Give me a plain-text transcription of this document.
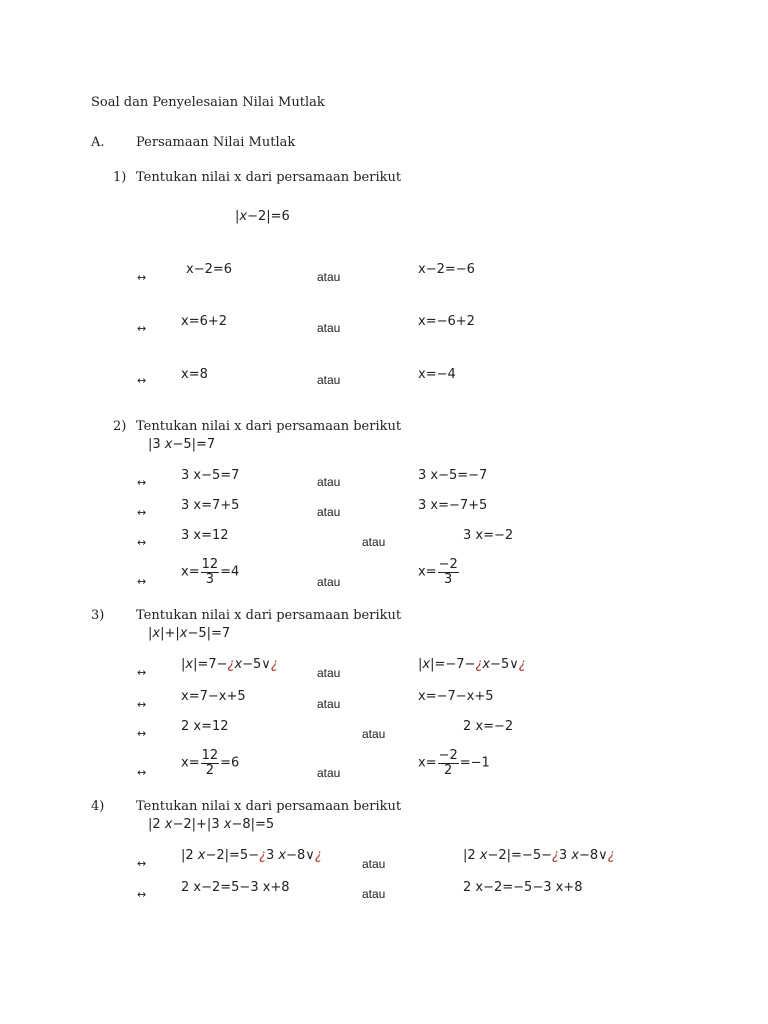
Soal dan Penyelesaian Nilai Mutlak
A. Persamaan Nilai Mutlak
1) Tentukan nilai x dari persamaan berikut
|x−2|=6
↔
x−2=6	atau	x−2=−6
↔	x=6+2	atau	x=−6+2
↔	x=8	atau	x=−4
2) Tentukan nilai x dari persamaan berikut
|3 x−5|=7
↔	3 x−5=7	atau	3 x−5=−7
↔	3 x=7+5	atau	3 x=−7+5
↔	3 x=12	atau	3 x=−2
↔
$x= \frac{12}{3} =4$
atau
$x= \frac{-2}{3}$
3) Tentukan nilai x dari persamaan berikut
|x|+|x−5|=7
↔
|x|=7−¿x−5∨¿
atau
|x|=−7−¿x−5∨¿
↔
x=7−x+5	atau	x=−7−x+5
↔	2 x=12	atau	2 x=−2
↔
$x= \frac{12}{2} =6$
atau
$x= \frac{-2}{2} =-1$
4) Tentukan nilai x dari persamaan berikut
|2 x−2|+|3 x−8|=5
↔
|2 x−2|=5−¿3 x−8∨¿
atau
|2 x−2|=−5−¿3 x−8∨¿
↔	2 x−2=5−3 x+8	atau	2 x−2=−5−3 x+8
